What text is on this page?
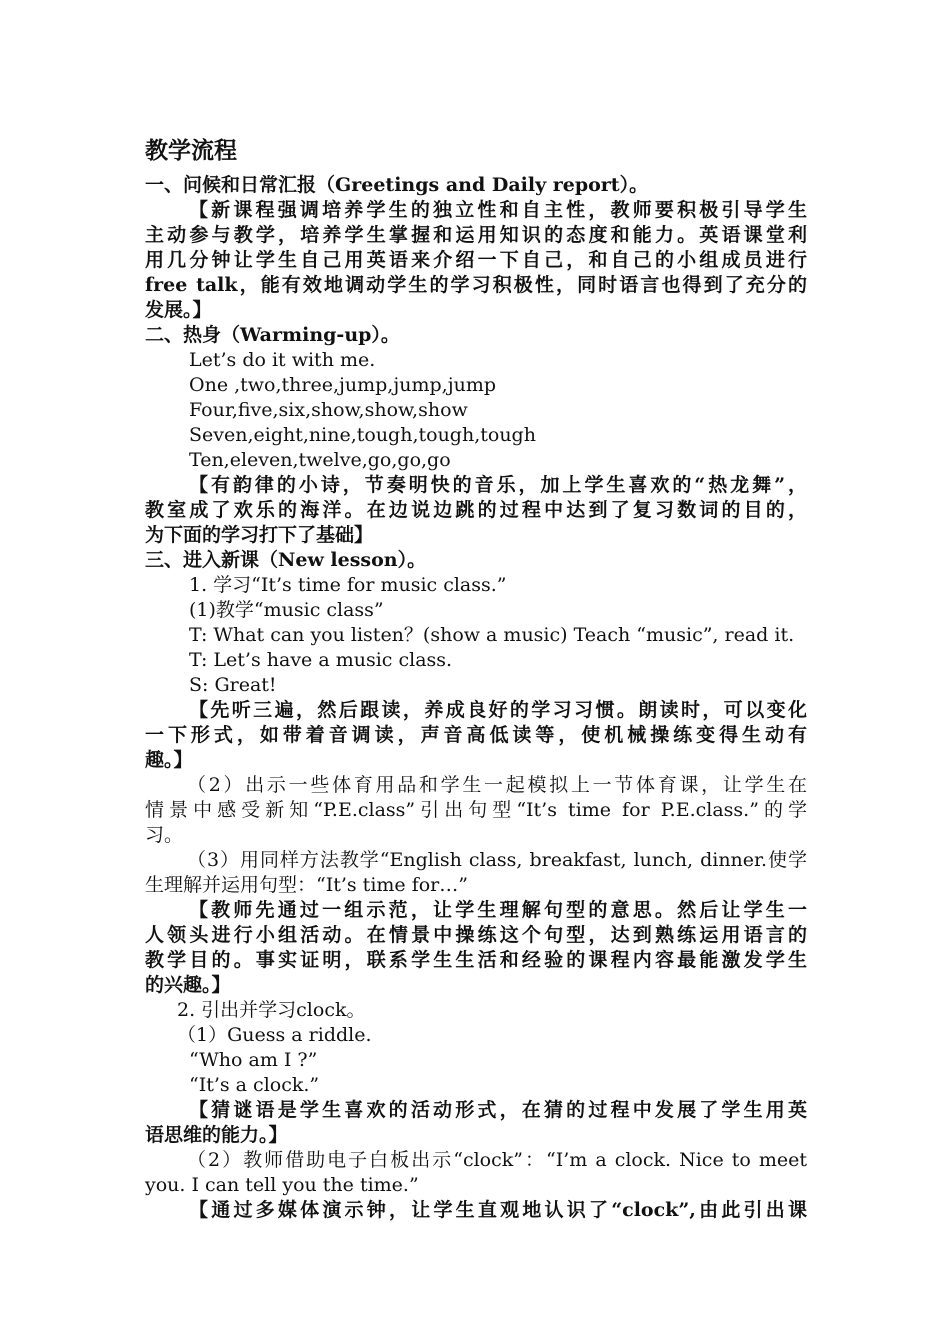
教学流程
一、问候和日常汇报（Greetings and Daily report）。
【新课程强调培养学生的独立性和自主性，教师要积极引导学生
主动参与教学，培养学生掌握和运用知识的态度和能力。英语课堂利
用几分钟让学生自己用英语来介绍一下自己，和自己的小组成员进行
free talk，能有效地调动学生的学习积极性，同时语言也得到了充分的
发展。】
二、热身（Warming-up）。
Let’s do it with me.
One ,two,three,jump,jump,jump
Four,five,six,show,show,show
Seven,eight,nine,tough,tough,tough
Ten,eleven,twelve,go,go,go
【有韵律的小诗，节奏明快的音乐，加上学生喜欢的“热龙舞”，
教室成了欢乐的海洋。在边说边跳的过程中达到了复习数词的目的，
为下面的学习打下了基础】
三、进入新课（New lesson）。
1. 学习“It’s time for music class.”
(1)教学“music class”
T: What can you listen？(show a music) Teach “music”, read it.
T: Let’s have a music class.
S: Great!
【先听三遍，然后跟读，养成良好的学习习惯。朗读时，可以变化
一下形式，如带着音调读，声音高低读等，使机械操练变得生动有
趣。】
（2）出示一些体育用品和学生一起模拟上一节体育课，让学生在
情景中感受新知“P.E.class”引出句型“It’s time for P.E.class.”的学
习。
（3）用同样方法教学“English class, breakfast, lunch, dinner.使学
生理解并运用句型：“It’s time for…”
【教师先通过一组示范，让学生理解句型的意思。然后让学生一
人领头进行小组活动。在情景中操练这个句型，达到熟练运用语言的
教学目的。事实证明，联系学生生活和经验的课程内容最能激发学生
的兴趣。】
2. 引出并学习clock。
（1）Guess a riddle.
“Who am I ?”
“It’s a clock.”
【猜谜语是学生喜欢的活动形式，在猜的过程中发展了学生用英
语思维的能力。】
（2）教师借助电子白板出示“clock”：“I’m a clock. Nice to meet
you. I can tell you the time.”
【通过多媒体演示钟，让学生直观地认识了“clock”,由此引出课
